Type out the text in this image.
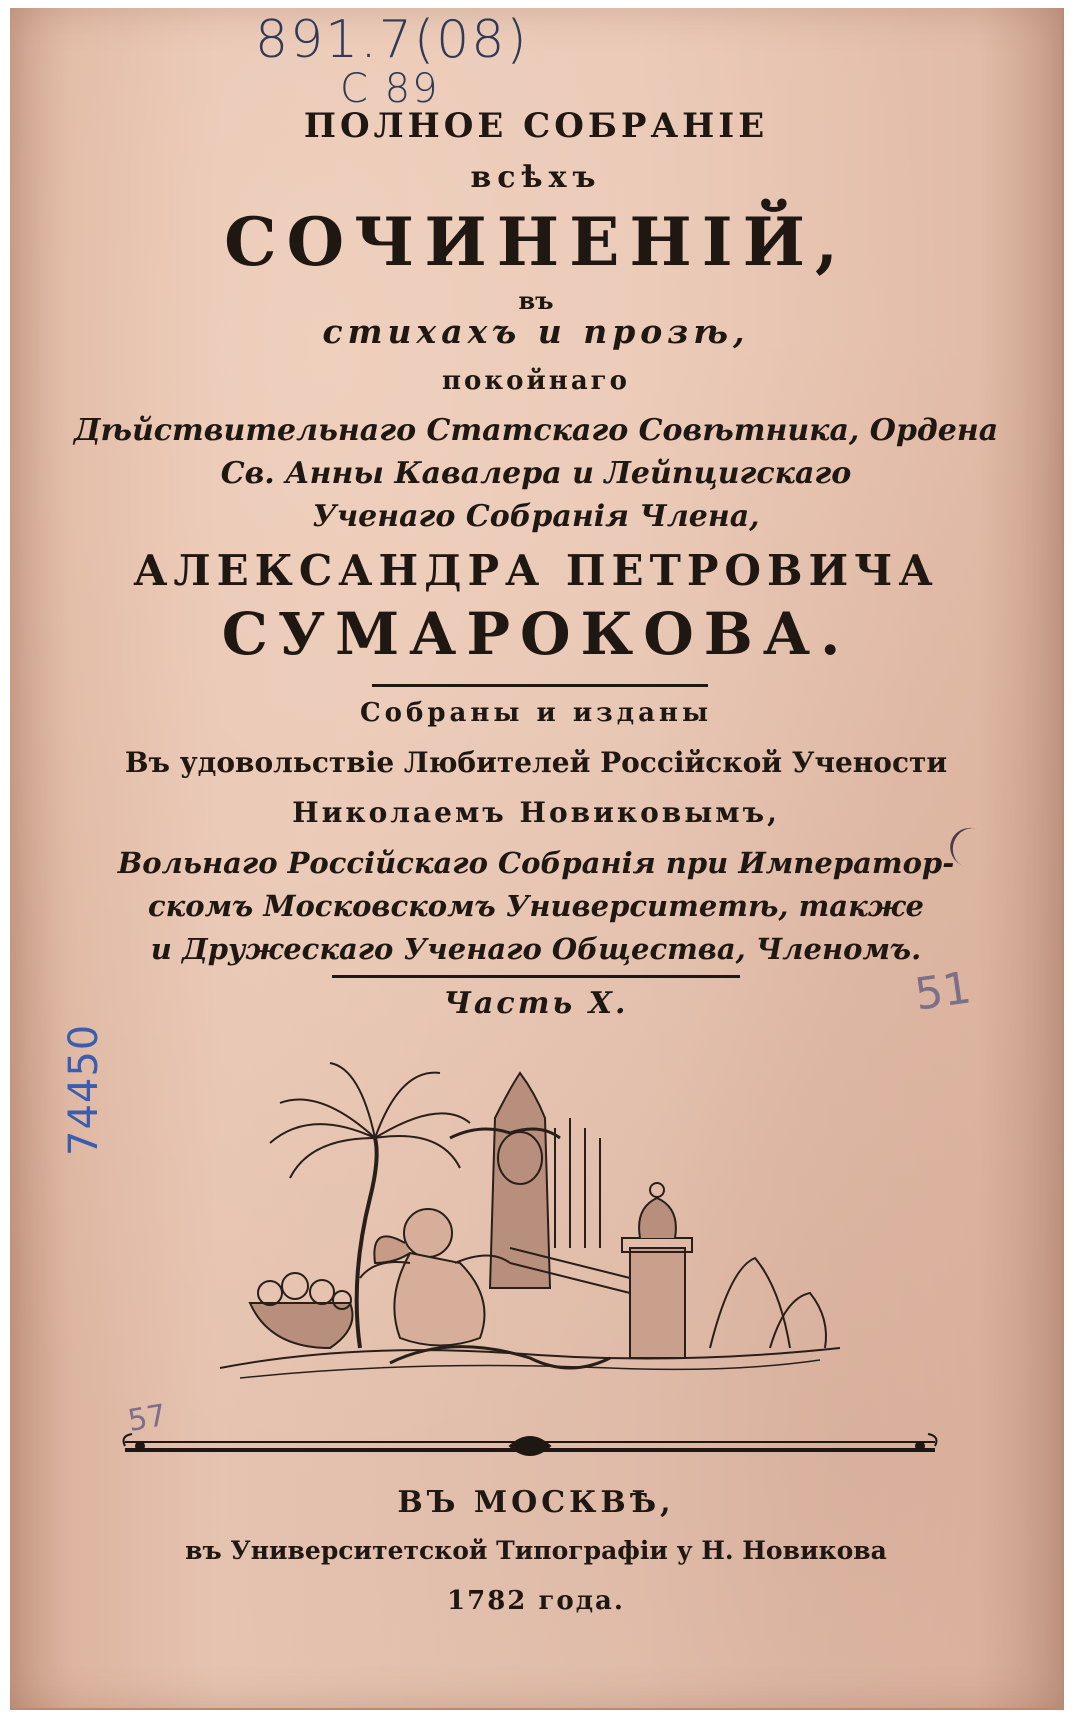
891.7(08)
C 89
74450
51
57
ПОЛНОЕ СОБРАНІЕ
всѣхъ
СОЧИНЕНІЙ,
въ
стихахъ и прозѣ,
покойнаго
Дѣйствительнаго Статскаго Совѣтника, Ордена
Св. Анны Кавалера и Лейпцигскаго
Ученаго Собранія Члена,
АЛЕКСАНДРА ПЕТРОВИЧА
СУМАРОКОВА.
Собраны и изданы
Въ удовольствіе Любителей Россійской Учености
Николаемъ Новиковымъ,
Вольнаго Россійскаго Собранія при Император-
скомъ Московскомъ Университетѣ, также
и Дружескаго Ученаго Общества, Членомъ.
Часть X.
ВЪ МОСКВѢ,
въ Университетской Типографіи у Н. Новикова
1782 года.
